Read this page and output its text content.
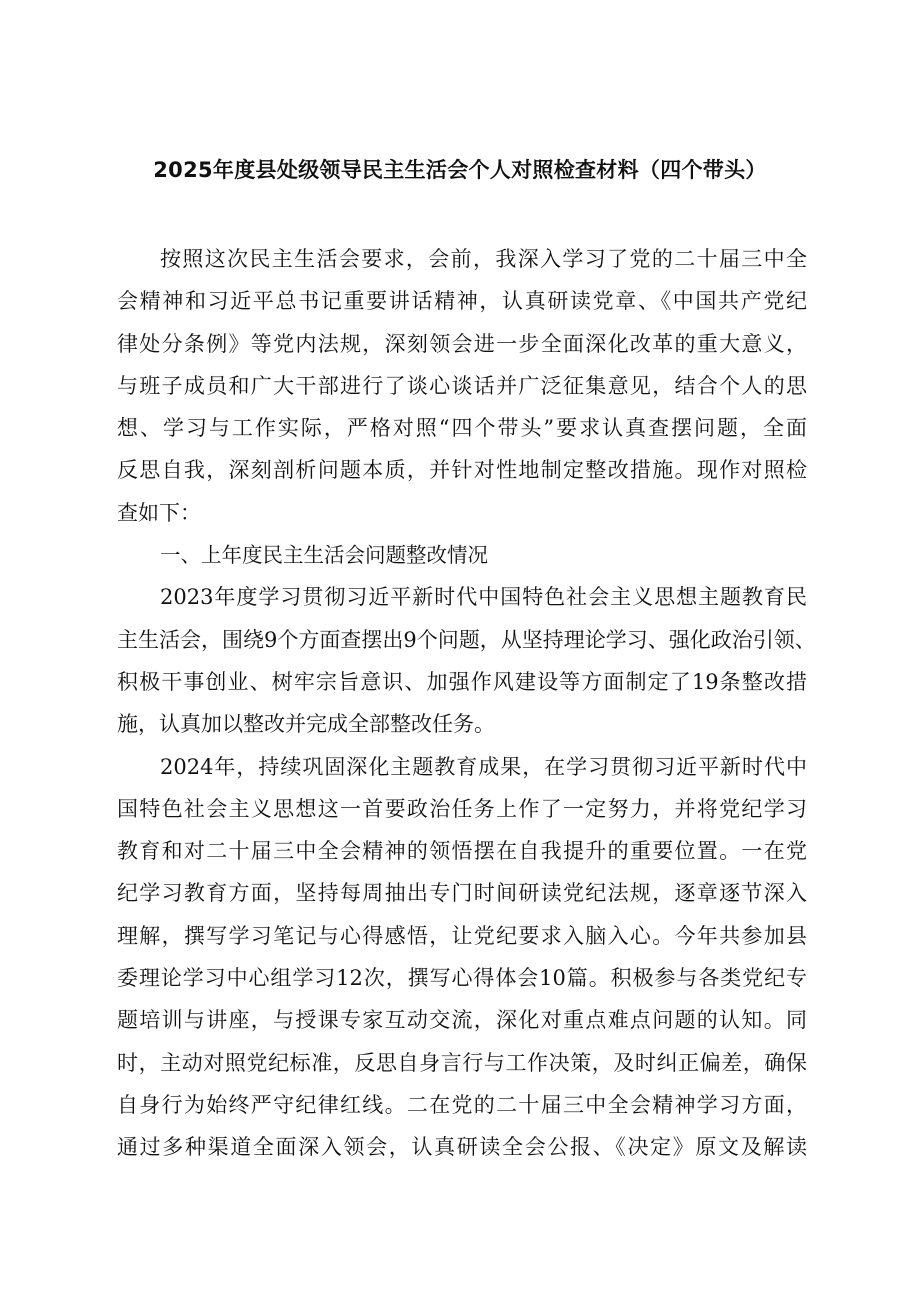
2025年度县处级领导民主生活会个人对照检查材料（四个带头）
按照这次民主生活会要求，会前，我深入学习了党的二十届三中全
会精神和习近平总书记重要讲话精神，认真研读党章、《中国共产党纪
律处分条例》等党内法规，深刻领会进一步全面深化改革的重大意义，
与班子成员和广大干部进行了谈心谈话并广泛征集意见，结合个人的思
想、学习与工作实际，严格对照“四个带头”要求认真查摆问题，全面
反思自我，深刻剖析问题本质，并针对性地制定整改措施。现作对照检
查如下：
一、上年度民主生活会问题整改情况
2023年度学习贯彻习近平新时代中国特色社会主义思想主题教育民
主生活会，围绕9个方面查摆出9个问题，从坚持理论学习、强化政治引领、
积极干事创业、树牢宗旨意识、加强作风建设等方面制定了19条整改措
施，认真加以整改并完成全部整改任务。
2024年，持续巩固深化主题教育成果，在学习贯彻习近平新时代中
国特色社会主义思想这一首要政治任务上作了一定努力，并将党纪学习
教育和对二十届三中全会精神的领悟摆在自我提升的重要位置。一在党
纪学习教育方面，坚持每周抽出专门时间研读党纪法规，逐章逐节深入
理解，撰写学习笔记与心得感悟，让党纪要求入脑入心。今年共参加县
委理论学习中心组学习12次，撰写心得体会10篇。积极参与各类党纪专
题培训与讲座，与授课专家互动交流，深化对重点难点问题的认知。同
时，主动对照党纪标准，反思自身言行与工作决策，及时纠正偏差，确保
自身行为始终严守纪律红线。二在党的二十届三中全会精神学习方面，
通过多种渠道全面深入领会，认真研读全会公报、《决定》原文及解读
